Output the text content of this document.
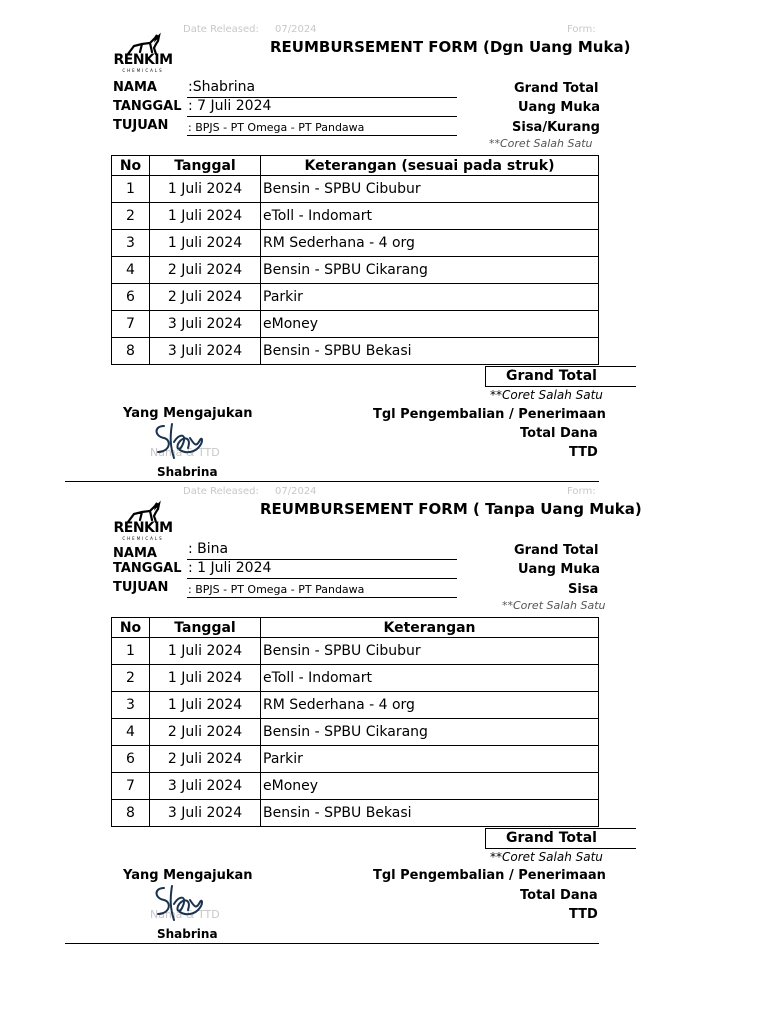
Date Released: 07/2024	Form:
RENKIM
CHEMICALS
REUMBURSEMENT FORM (Dgn Uang Muka)
NAMA :Shabrina
TANGGAL : 7 Juli 2024
TUJUAN : BPJS - PT Omega - PT Pandawa
Grand Total
Uang Muka
Sisa/Kurang
**Coret Salah Satu
No	Tanggal	Keterangan (sesuai pada struk)
1	1 Juli 2024	Bensin - SPBU Cibubur
2	1 Juli 2024	eToll - Indomart
3	1 Juli 2024	RM Sederhana - 4 org
4	2 Juli 2024	Bensin - SPBU Cikarang
6	2 Juli 2024	Parkir
7	3 Juli 2024	eMoney
8	3 Juli 2024	Bensin - SPBU Bekasi
Grand Total
**Coret Salah Satu
Yang Mengajukan
Nama & TTD
Shabrina
Tgl Pengembalian / Penerimaan
Total Dana
TTD
Date Released: 07/2024	Form:
RENKIM
CHEMICALS
REUMBURSEMENT FORM ( Tanpa Uang Muka)
NAMA : Bina
TANGGAL : 1 Juli 2024
TUJUAN : BPJS - PT Omega - PT Pandawa
Grand Total
Uang Muka
Sisa
**Coret Salah Satu
No	Tanggal	Keterangan
1	1 Juli 2024	Bensin - SPBU Cibubur
2	1 Juli 2024	eToll - Indomart
3	1 Juli 2024	RM Sederhana - 4 org
4	2 Juli 2024	Bensin - SPBU Cikarang
6	2 Juli 2024	Parkir
7	3 Juli 2024	eMoney
8	3 Juli 2024	Bensin - SPBU Bekasi
Grand Total
**Coret Salah Satu
Yang Mengajukan
Nama & TTD
Shabrina
Tgl Pengembalian / Penerimaan
Total Dana
TTD
